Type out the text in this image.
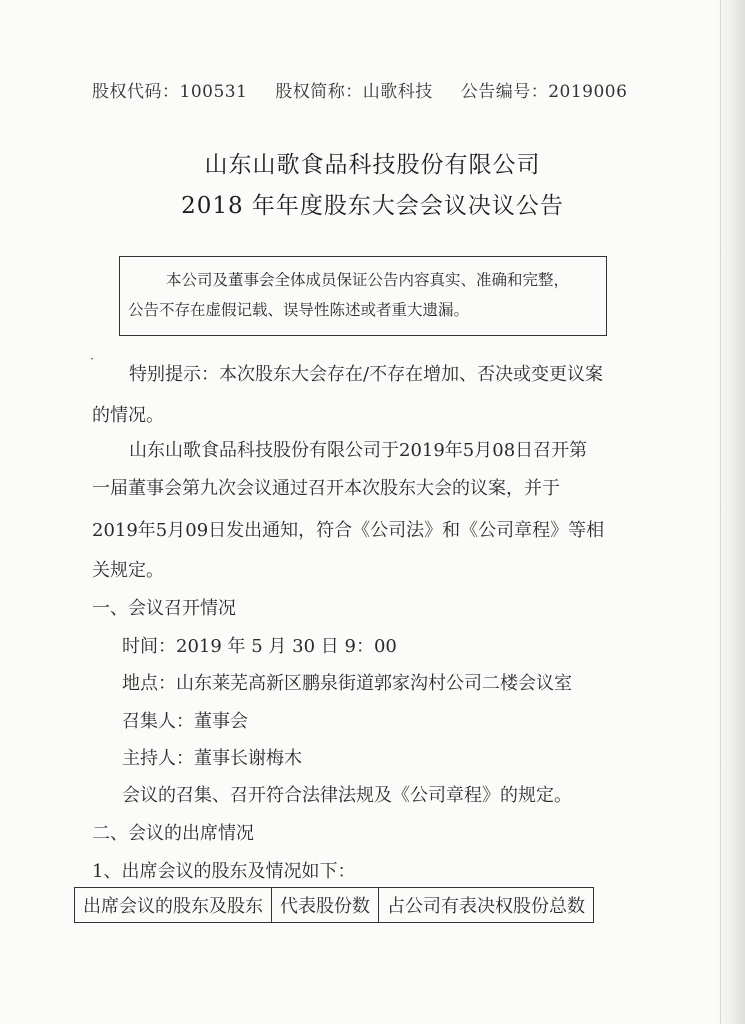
股权代码：100531 股权简称：山歌科技 公告编号：2019006
山东山歌食品科技股份有限公司
2018 年年度股东大会会议决议公告
本公司及董事会全体成员保证公告内容真实、准确和完整，
公告不存在虚假记载、误导性陈述或者重大遗漏。
·
特别提示：本次股东大会存在/不存在增加、否决或变更议案
的情况。
山东山歌食品科技股份有限公司于2019年5月08日召开第
一届董事会第九次会议通过召开本次股东大会的议案，并于
2019年5月09日发出通知，符合《公司法》和《公司章程》等相
关规定。
一、会议召开情况
时间：2019 年 5 月 30 日 9：00
地点：山东莱芜高新区鹏泉街道郭家沟村公司二楼会议室
召集人：董事会
主持人：董事长谢梅木
会议的召集、召开符合法律法规及《公司章程》的规定。
二、会议的出席情况
1、出席会议的股东及情况如下：
出席会议的股东及股东	代表股份数	占公司有表决权股份总数
